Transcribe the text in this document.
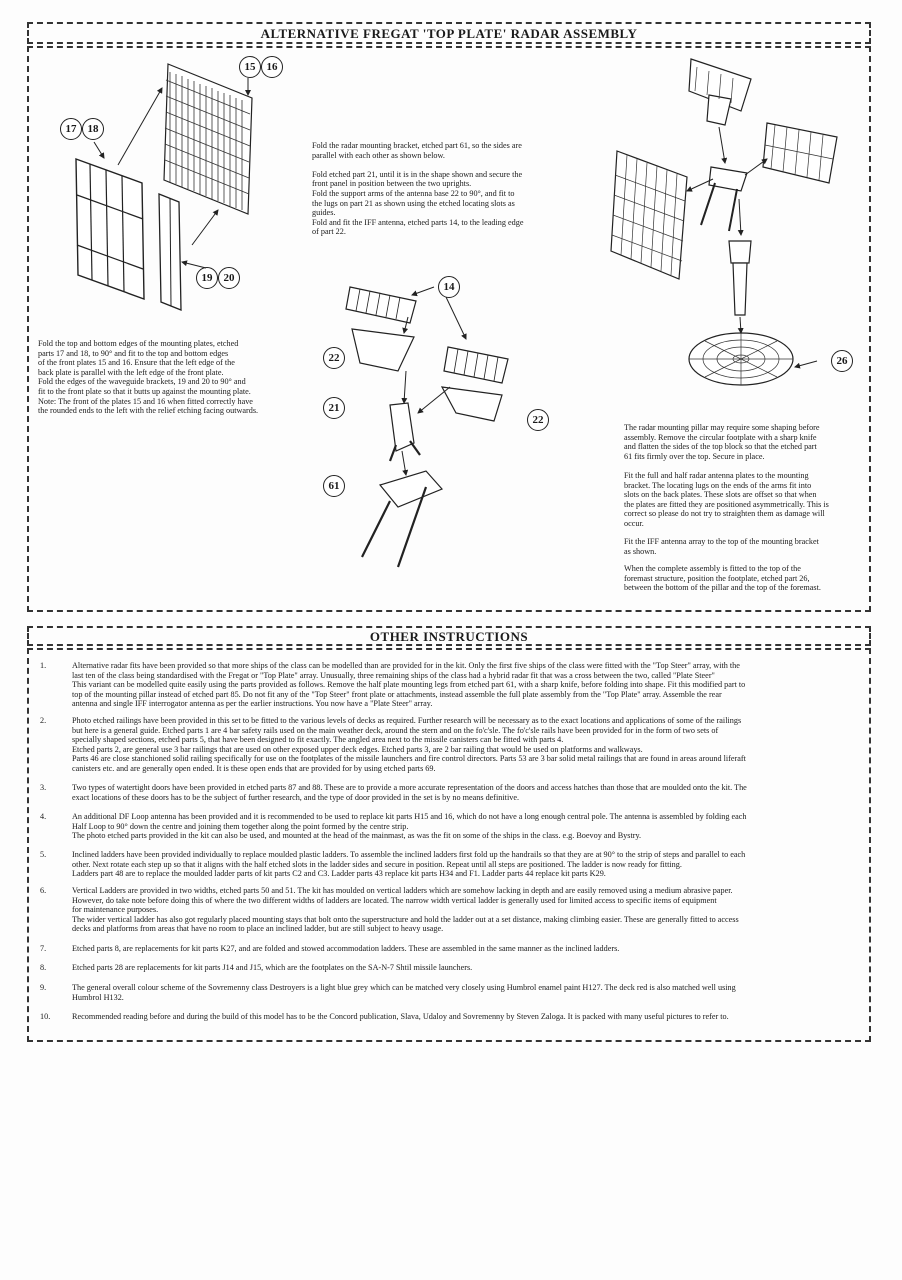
ALTERNATIVE FREGAT 'TOP PLATE' RADAR ASSEMBLY
15	16
17	18
19	20
Fold the top and bottom edges of the mounting plates, etched
parts 17 and 18, to 90° and fit to the top and bottom edges
of the front plates 15 and 16. Ensure that the left edge of the
back plate is parallel with the left edge of the front plate.
Fold the edges of the waveguide brackets, 19 and 20 to 90° and
fit to the front plate so that it butts up against the mounting plate.
Note: The front of the plates 15 and 16 when fitted correctly have
the rounded ends to the left with the relief etching facing outwards.
Fold the radar mounting bracket, etched part 61, so the sides are
parallel with each other as shown below.

Fold etched part 21, until it is in the shape shown and secure the
front panel in position between the two uprights.
Fold the support arms of the antenna base 22 to 90°, and fit to
the lugs on part 21 as shown using the etched locating slots as
guides.
Fold and fit the IFF antenna, etched parts 14, to the leading edge
of part 22.
14
22
22
21
61
26
The radar mounting pillar may require some shaping before
assembly. Remove the circular footplate with a sharp knife
and flatten the sides of the top block so that the etched part
61 fits firmly over the top. Secure in place.
Fit the full and half radar antenna plates to the mounting
bracket. The locating lugs on the ends of the arms fit into
slots on the back plates. These slots are offset so that when
the plates are fitted they are positioned asymmetrically. This is
correct so please do not try to straighten them as damage will
occur.
Fit the IFF antenna array to the top of the mounting bracket
as shown.
When the complete assembly is fitted to the top of the
foremast structure, position the footplate, etched part 26,
between the bottom of the pillar and the top of the foremast.
OTHER INSTRUCTIONS
1.	Alternative radar fits have been provided so that more ships of the class can be modelled than are provided for in the kit. Only the first five ships of the class were fitted with the "Top Steer" array, with the
last ten of the class being standardised with the Fregat or "Top Plate" array. Unusually, three remaining ships of the class had a hybrid radar fit that was a cross between the two, called "Plate Steer"
This variant can be modelled quite easily using the parts provided as follows. Remove the half plate mounting legs from etched part 61, with a sharp knife, before folding into shape. Fit this modified part to
top of the mounting pillar instead of etched part 85. Do not fit any of the "Top Steer" front plate or attachments, instead assemble the full plate assembly from the "Top Plate" array. Assemble the rear
antenna and single IFF interrogator antenna as per the earlier instructions. You now have a "Plate Steer" array.
2.	Photo etched railings have been provided in this set to be fitted to the various levels of decks as required. Further research will be necessary as to the exact locations and applications of some of the railings
but here is a general guide. Etched parts 1 are 4 bar safety rails used on the main weather deck, around the stern and on the fo'c'sle. The fo'c'sle rails have been provided for in the form of two sets of
specially shaped sections, etched parts 5, that have been designed to fit exactly. The angled area next to the missile canisters can be fitted with parts 4.
Etched parts 2, are general use 3 bar railings that are used on other exposed upper deck edges. Etched parts 3, are 2 bar railing that would be used on platforms and walkways.
Parts 46 are close stanchioned solid railing specifically for use on the footplates of the missile launchers and fire control directors. Parts 53 are 3 bar solid metal railings that are found in areas around liferaft
canisters etc. and are generally open ended. It is these open ends that are provided for by using etched parts 69.
3.	Two types of watertight doors have been provided in etched parts 87 and 88. These are to provide a more accurate representation of the doors and access hatches than those that are moulded onto the kit. The
exact locations of these doors has to be the subject of further research, and the type of door provided in the set is by no means definitive.
4.	An additional DF Loop antenna has been provided and it is recommended to be used to replace kit parts H15 and 16, which do not have a long enough central pole. The antenna is assembled by folding each
Half Loop to 90° down the centre and joining them together along the point formed by the centre strip.
The photo etched parts provided in the kit can also be used, and mounted at the head of the mainmast, as was the fit on some of the ships in the class. e.g. Boevoy and Bystry.
5.	Inclined ladders have been provided individually to replace moulded plastic ladders. To assemble the inclined ladders first fold up the handrails so that they are at 90° to the strip of steps and parallel to each
other. Next rotate each step up so that it aligns with the half etched slots in the ladder sides and secure in position. Repeat until all steps are positioned. The ladder is now ready for fitting.
Ladders part 48 are to replace the moulded ladder parts of kit parts C2 and C3. Ladder parts 43 replace kit parts H34 and F1. Ladder parts 44 replace kit parts K29.
6.	Vertical Ladders are provided in two widths, etched parts 50 and 51. The kit has moulded on vertical ladders which are somehow lacking in depth and are easily removed using a medium abrasive paper.
However, do take note before doing this of where the two different widths of ladders are located. The narrow width vertical ladder is generally used for limited access to specific items of equipment
for maintenance purposes.
The wider vertical ladder has also got regularly placed mounting stays that bolt onto the superstructure and hold the ladder out at a set distance, making climbing easier. These are generally fitted to access
decks and platforms from areas that have no room to place an inclined ladder, but are still subject to heavy usage.
7.	Etched parts 8, are replacements for kit parts K27, and are folded and stowed accommodation ladders. These are assembled in the same manner as the inclined ladders.
8.	Etched parts 28 are replacements for kit parts J14 and J15, which are the footplates on the SA-N-7 Shtil missile launchers.
9.	The general overall colour scheme of the Sovremenny class Destroyers is a light blue grey which can be matched very closely using Humbrol enamel paint H127. The deck red is also matched well using
Humbrol H132.
10.	Recommended reading before and during the build of this model has to be the Concord publication, Slava, Udaloy and Sovremenny by Steven Zaloga. It is packed with many useful pictures to refer to.
